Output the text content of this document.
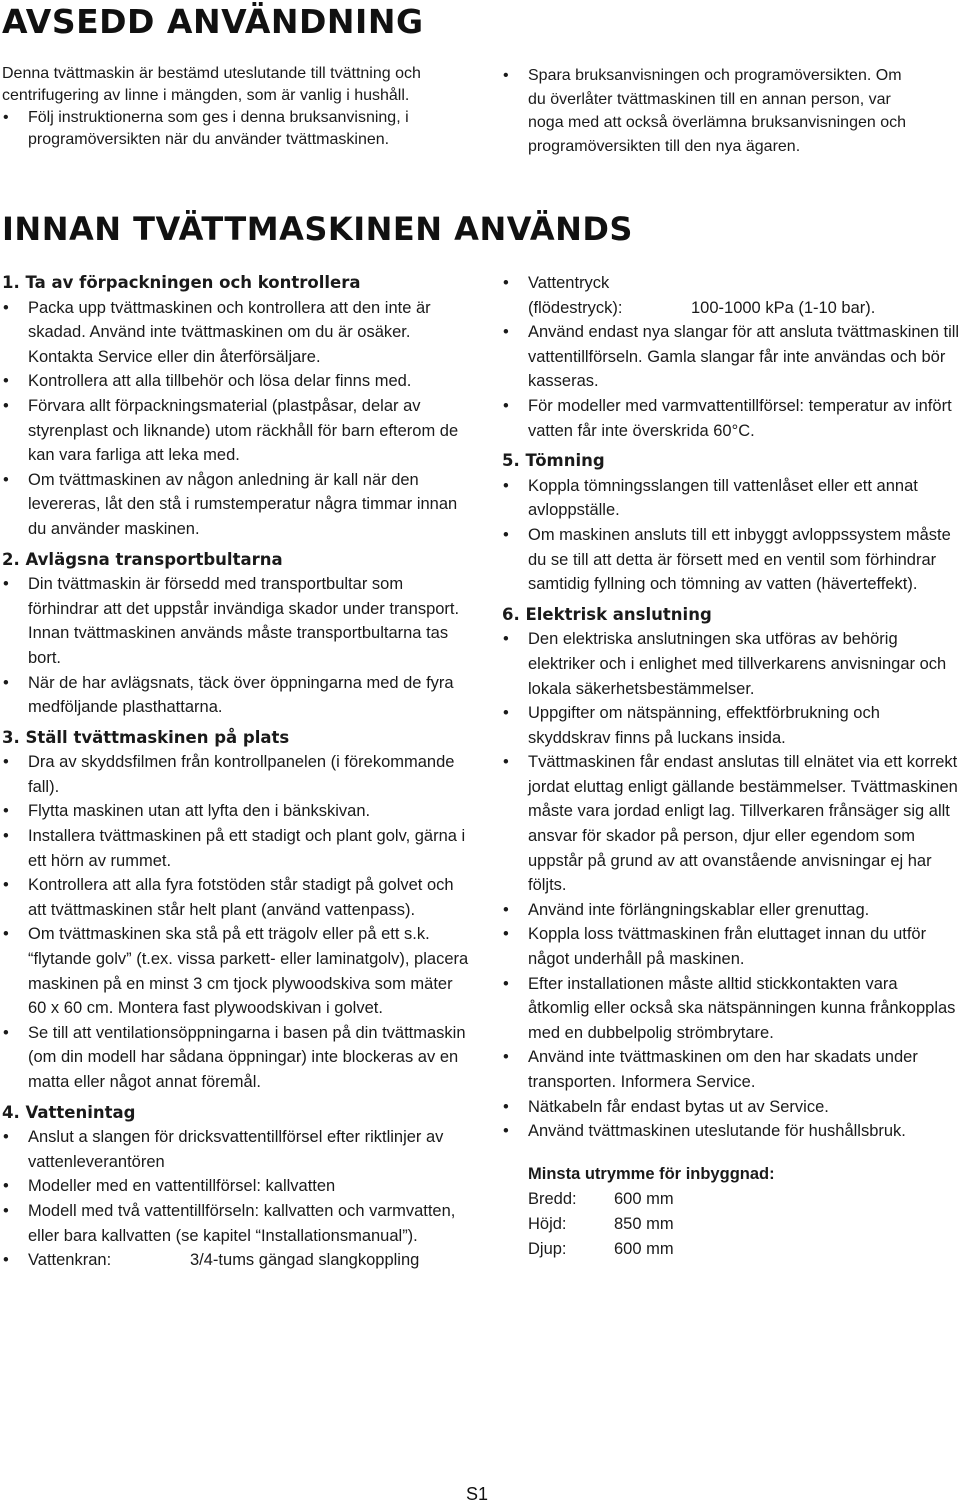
AVSEDD ANVÄNDNING

Denna tvättmaskin är bestämd uteslutande till tvättning och centrifugering av linne i mängden, som är vanlig i hushåll.

• Följ instruktionerna som ges i denna bruksanvisning, i programöversikten när du använder tvättmaskinen.
• Spara bruksanvisningen och programöversikten. Om du överlåter tvättmaskinen till en annan person, var noga med att också överlämna bruksanvisningen och programöversikten till den nya ägaren.
INNAN TVÄTTMASKINEN ANVÄNDS

1. Ta av förpackningen och kontrollera

• Packa upp tvättmaskinen och kontrollera att den inte är skadad. Använd inte tvättmaskinen om du är osäker. Kontakta Service eller din återförsäljare.
• Kontrollera att alla tillbehör och lösa delar finns med.
• Förvara allt förpackningsmaterial (plastpåsar, delar av styrenplast och liknande) utom räckhåll för barn efterom de kan vara farliga att leka med.
• Om tvättmaskinen av någon anledning är kall när den levereras, låt den stå i rumstemperatur några timmar innan du använder maskinen.

2. Avlägsna transportbultarna

• Din tvättmaskin är försedd med transportbultar som förhindrar att det uppstår invändiga skador under transport. Innan tvättmaskinen används måste transportbultarna tas bort.
• När de har avlägsnats, täck över öppningarna med de fyra medföljande plasthattarna.

3. Ställ tvättmaskinen på plats

• Dra av skyddsfilmen från kontrollpanelen (i förekommande fall).
• Flytta maskinen utan att lyfta den i bänkskivan.
• Installera tvättmaskinen på ett stadigt och plant golv, gärna i ett hörn av rummet.
• Kontrollera att alla fyra fotstöden står stadigt på golvet och att tvättmaskinen står helt plant (använd vattenpass).
• Om tvättmaskinen ska stå på ett trägolv eller på ett s.k. “flytande golv” (t.ex. vissa parkett- eller laminatgolv), placera maskinen på en minst 3 cm tjock plywoodskiva som mäter 60 x 60 cm. Montera fast plywoodskivan i golvet.
• Se till att ventilationsöppningarna i basen på din tvättmaskin (om din modell har sådana öppningar) inte blockeras av en matta eller något annat föremål.

4. Vattenintag

• Anslut a slangen för dricksvattentillförsel efter riktlinjer av vattenleverantören
• Modeller med en vattentillförsel: kallvatten
• Modell med två vattentillförseln: kallvatten och varmvatten, eller bara kallvatten (se kapitel “Installationsmanual”).
• Vattenkran:	3/4-tums gängad slangkoppling
• Vattentryck
(flödestryck):	100-1000 kPa (1-10 bar).
• Använd endast nya slangar för att ansluta tvättmaskinen till vattentillförseln. Gamla slangar får inte användas och bör kasseras.
• För modeller med varmvattentillförsel: temperatur av infört vatten får inte överskrida 60°C.

5. Tömning

• Koppla tömningsslangen till vattenlåset eller ett annat avloppställe.
• Om maskinen ansluts till ett inbyggt avloppssystem måste du se till att detta är försett med en ventil som förhindrar samtidig fyllning och tömning av vatten (häverteffekt).

6. Elektrisk anslutning

• Den elektriska anslutningen ska utföras av behörig elektriker och i enlighet med tillverkarens anvisningar och lokala säkerhetsbestämmelser.
• Uppgifter om nätspänning, effektförbrukning och skyddskrav finns på luckans insida.
• Tvättmaskinen får endast anslutas till elnätet via ett korrekt jordat eluttag enligt gällande bestämmelser. Tvättmaskinen måste vara jordad enligt lag. Tillverkaren frånsäger sig allt ansvar för skador på person, djur eller egendom som uppstår på grund av att ovanstående anvisningar ej har följts.
• Använd inte förlängningskablar eller grenuttag.
• Koppla loss tvättmaskinen från eluttaget innan du utför något underhåll på maskinen.
• Efter installationen måste alltid stickkontakten vara åtkomlig eller också ska nätspänningen kunna frånkopplas med en dubbelpolig strömbrytare.
• Använd inte tvättmaskinen om den har skadats under transporten. Informera Service.
• Nätkabeln får endast bytas ut av Service.
• Använd tvättmaskinen uteslutande för hushållsbruk.

Minsta utrymme för inbyggnad:

Bredd: 600 mm
Höjd:	850 mm
Djup:	600 mm
S1
